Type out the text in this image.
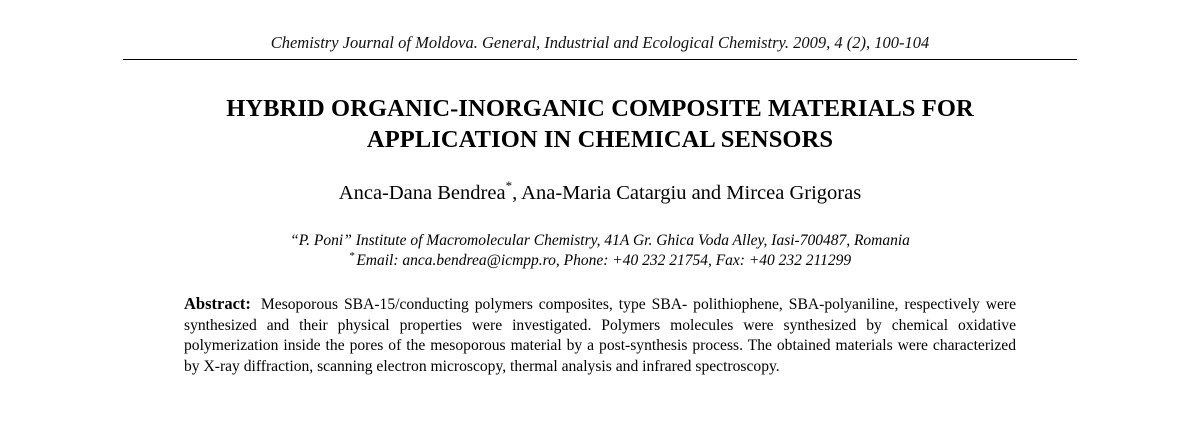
Chemistry Journal of Moldova. General, Industrial and Ecological Chemistry. 2009, 4 (2), 100-104
HYBRID ORGANIC-INORGANIC COMPOSITE MATERIALS FOR
APPLICATION IN CHEMICAL SENSORS
Anca-Dana Bendrea*, Ana-Maria Catargiu and Mircea Grigoras
“P. Poni” Institute of Macromolecular Chemistry, 41A Gr. Ghica Voda Alley, Iasi-700487, Romania
* Email: anca.bendrea@icmpp.ro, Phone: +40 232 21754, Fax: +40 232 211299
Abstract: Mesoporous SBA-15/conducting polymers composites, type SBA- polithiophene, SBA-polyaniline, respectively were synthesized and their physical properties were investigated. Polymers molecules were synthesized by chemical oxidative polymerization inside the pores of the mesoporous material by a post-synthesis process. The obtained materials were characterized by X-ray diffraction, scanning electron microscopy, thermal analysis and infrared spectroscopy.
